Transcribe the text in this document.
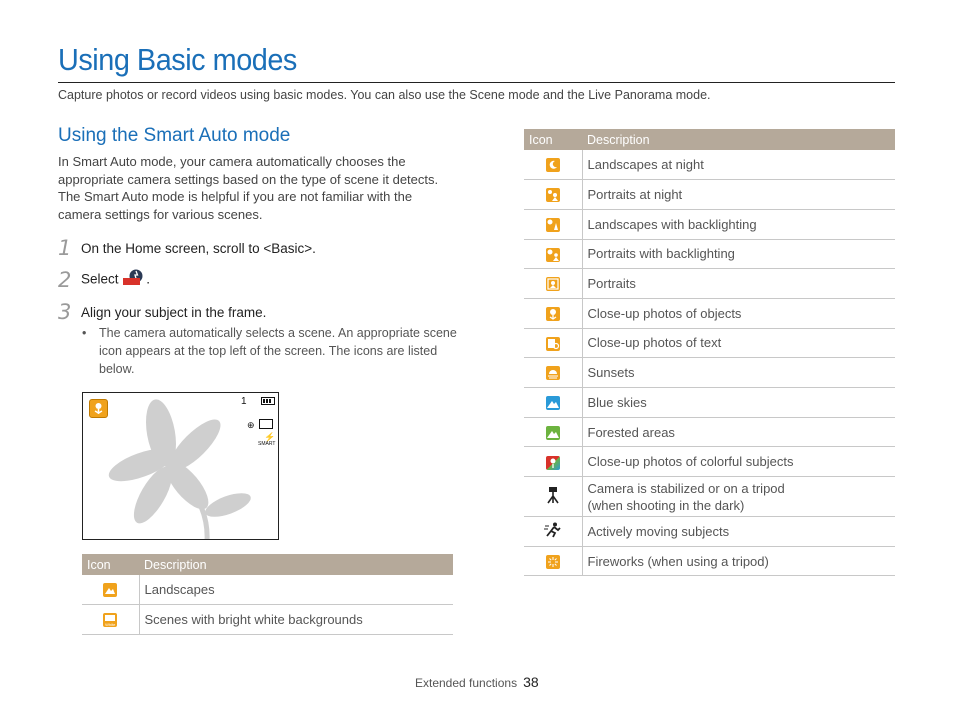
Using Basic modes
Capture photos or record videos using basic modes. You can also use the Scene mode and the Live Panorama mode.
Using the Smart Auto mode
In Smart Auto mode, your camera automatically chooses the appropriate camera settings based on the type of scene it detects. The Smart Auto mode is helpful if you are not familiar with the camera settings for various scenes.
1 On the Home screen, scroll to <Basic>.
2 Select .
3 Align your subject in the frame.
•	The camera automatically selects a scene. An appropriate scene icon appears at the top left of the screen. The icons are listed below.
1
⊕
⚡
SMART
Icon	Description
	Landscapes

White	Scenes with bright white backgrounds
Icon	Description
	Landscapes at night
	Portraits at night
	Landscapes with backlighting
	Portraits with backlighting
	Portraits
	Close-up photos of objects
	Close-up photos of text
	Sunsets
	Blue skies
	Forested areas
	Close-up photos of colorful subjects

Camera is stabilized or on a tripod
(when shooting in the dark)

	Actively moving subjects
	Fireworks (when using a tripod)
Extended functions 38
